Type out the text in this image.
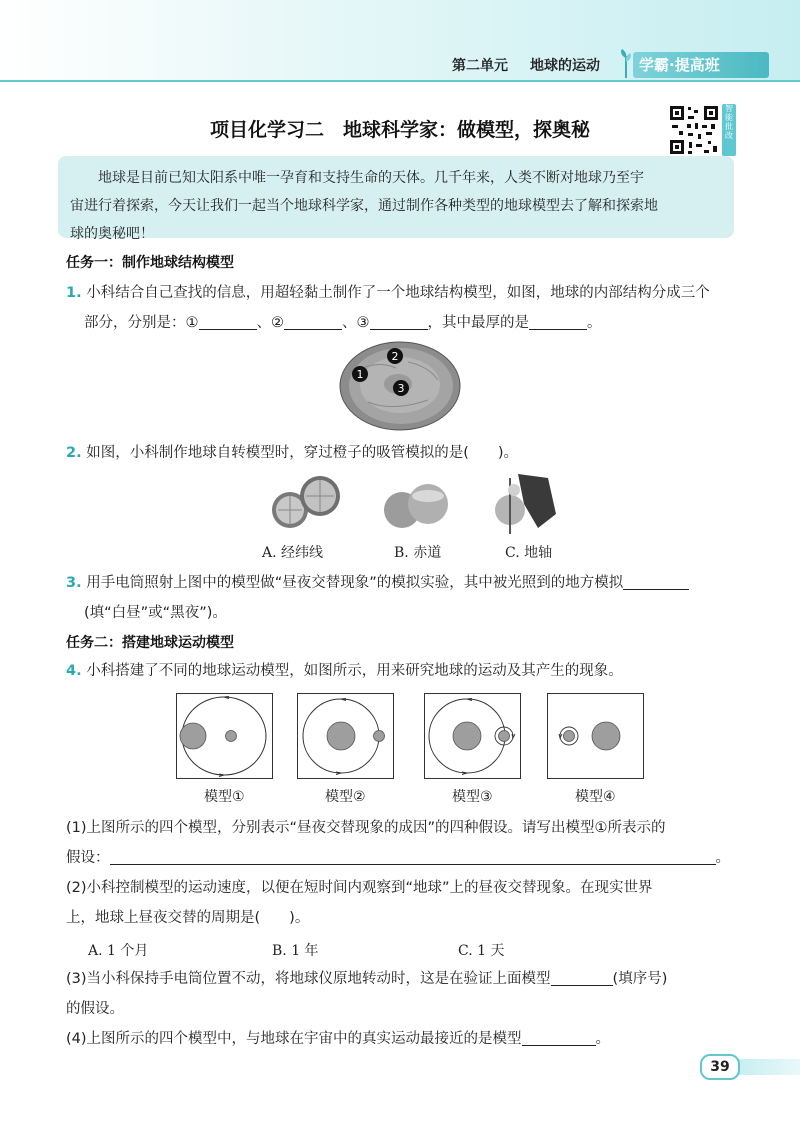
第二单元 地球的运动	学霸·提高班
项目化学习二　地球科学家：做模型，探奥秘
智能批改

地球是目前已知太阳系中唯一孕育和支持生命的天体。几千年来，人类不断对地球乃至宇

宙进行着探索，今天让我们一起当个地球科学家，通过制作各种类型的地球模型去了解和探索地
球的奥秘吧！
任务一：制作地球结构模型
1. 小科结合自己查找的信息，用超轻黏土制作了一个地球结构模型，如图，地球的内部结构分成三个
部分，分别是：①	、②	、③	，其中最厚的是	。
1
2
3
2. 如图，小科制作地球自转模型时，穿过橙子的吸管模拟的是(　　)。
A. 经纬线	B. 赤道	C. 地轴
3. 用手电筒照射上图中的模型做“昼夜交替现象”的模拟实验，其中被光照到的地方模拟
(填“白昼”或“黑夜”)。
任务二：搭建地球运动模型
4. 小科搭建了不同的地球运动模型，如图所示，用来研究地球的运动及其产生的现象。
模型①	模型②	模型③	模型④
(1)上图所示的四个模型，分别表示“昼夜交替现象的成因”的四种假设。请写出模型①所表示的
假设：	。
(2)小科控制模型的运动速度，以便在短时间内观察到“地球”上的昼夜交替现象。在现实世界
上，地球上昼夜交替的周期是(　　)。
A. 1 个月	B. 1 年	C. 1 天
(3)当小科保持手电筒位置不动，将地球仪原地转动时，这是在验证上面模型	(填序号)
的假设。
(4)上图所示的四个模型中，与地球在宇宙中的真实运动最接近的是模型	。
39
